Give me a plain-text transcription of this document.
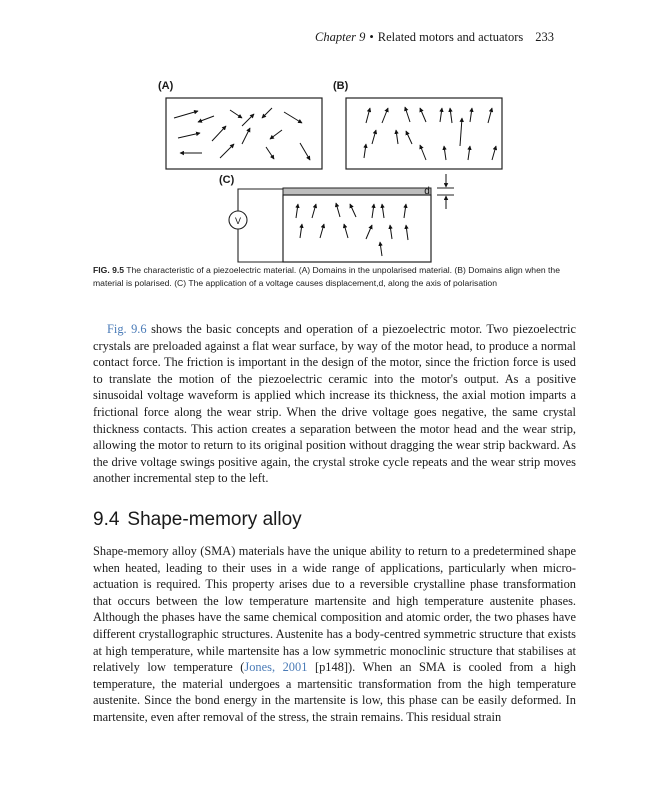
Chapter 9 • Related motors and actuators 233
(A)	(B)
(C)
V
d
FIG. 9.5 The characteristic of a piezoelectric material. (A) Domains in the unpolarised material. (B) Domains align when the material is polarised. (C) The application of a voltage causes displacement,d, along the axis of polarisation

Fig. 9.6 shows the basic concepts and operation of a piezoelectric motor. Two piezoelectric crystals are preloaded against a flat wear surface, by way of the motor head, to produce a normal contact force. The friction is important in the design of the motor, since the friction force is used to translate the motion of the piezoelectric ceramic into the motor's output. As a positive sinusoidal voltage waveform is applied which increase its thickness, the axial motion imparts a frictional force along the wear strip. When the drive voltage goes negative, the same crystal thickness contacts. This action creates a separation between the motor head and the wear strip, allowing the motor to return to its original position without dragging the wear strip backward. As the drive voltage swings positive again, the crystal stroke cycle repeats and the wear strip moves another incremental step to the left.

9.4 Shape-memory alloy

Shape-memory alloy (SMA) materials have the unique ability to return to a predetermined shape when heated, leading to their uses in a wide range of applications, particularly when micro-actuation is required. This property arises due to a reversible crystalline phase transformation that occurs between the low temperature martensite and high temperature austenite phases. Although the phases have the same chemical composition and atomic order, the two phases have different crystallographic structures. Austenite has a body-centred symmetric structure that exists at high temperature, while martensite has a low symmetric monoclinic structure that stabilises at relatively low temperature (Jones, 2001 [p148]). When an SMA is cooled from a high temperature, the material undergoes a martensitic transformation from the high temperature austenite. Since the bond energy in the martensite is low, this phase can be easily deformed. In martensite, even after removal of the stress, the strain remains. This residual strain
